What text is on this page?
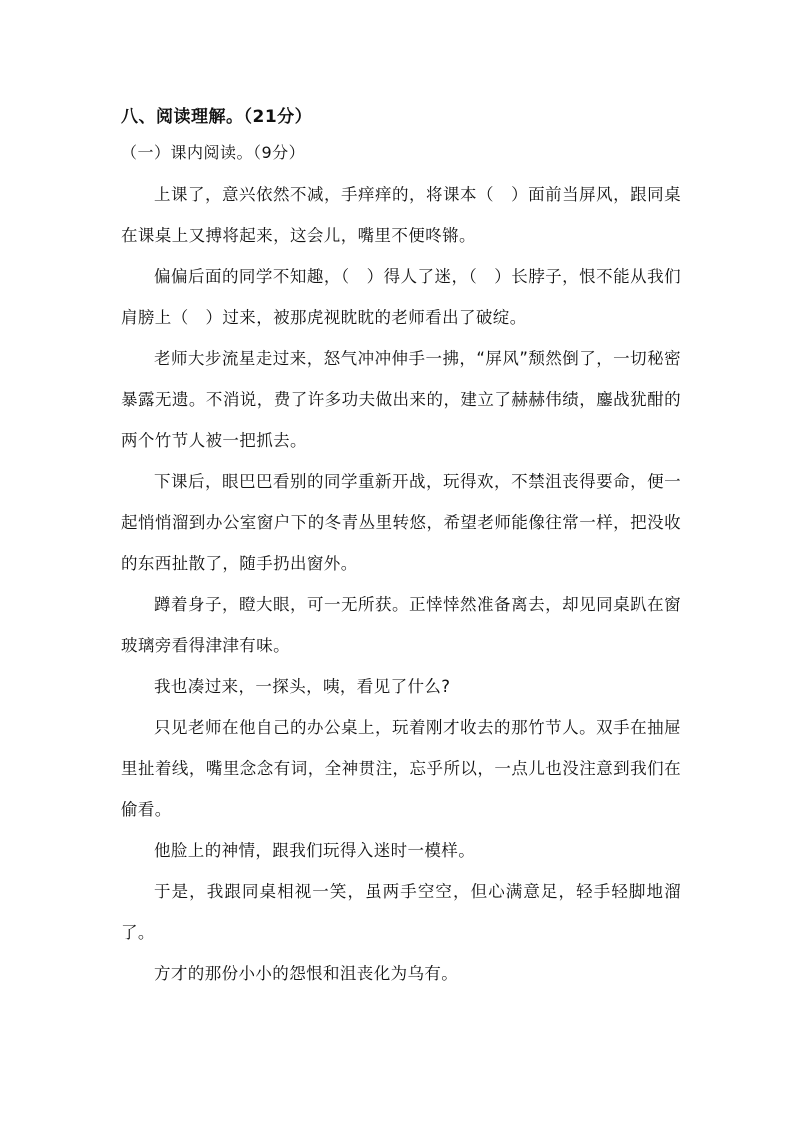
八、阅读理解。（21分）
（一）课内阅读。（9分）

上课了，意兴依然不减，手痒痒的，将课本（　）面前当屏风，跟同桌在课桌上又搏将起来，这会儿，嘴里不便咚锵。

偏偏后面的同学不知趣，（　）得人了迷，（　）长脖子，恨不能从我们肩膀上（　）过来，被那虎视眈眈的老师看出了破绽。

老师大步流星走过来，怒气冲冲伸手一拂，“屏风”颓然倒了，一切秘密暴露无遗。不消说，费了许多功夫做出来的，建立了赫赫伟绩，鏖战犹酣的两个竹节人被一把抓去。

下课后，眼巴巴看别的同学重新开战，玩得欢，不禁沮丧得要命，便一起悄悄溜到办公室窗户下的冬青丛里转悠，希望老师能像往常一样，把没收的东西扯散了，随手扔出窗外。

蹲着身子，瞪大眼，可一无所获。正悻悻然准备离去，却见同桌趴在窗玻璃旁看得津津有味。

我也凑过来，一探头，咦，看见了什么?

只见老师在他自己的办公桌上，玩着刚才收去的那竹节人。双手在抽屉里扯着线，嘴里念念有词，全神贯注，忘乎所以，一点儿也没注意到我们在偷看。

他脸上的神情，跟我们玩得入迷时一模样。

于是，我跟同桌相视一笑，虽两手空空，但心满意足，轻手轻脚地溜了。

方才的那份小小的怨恨和沮丧化为乌有。
